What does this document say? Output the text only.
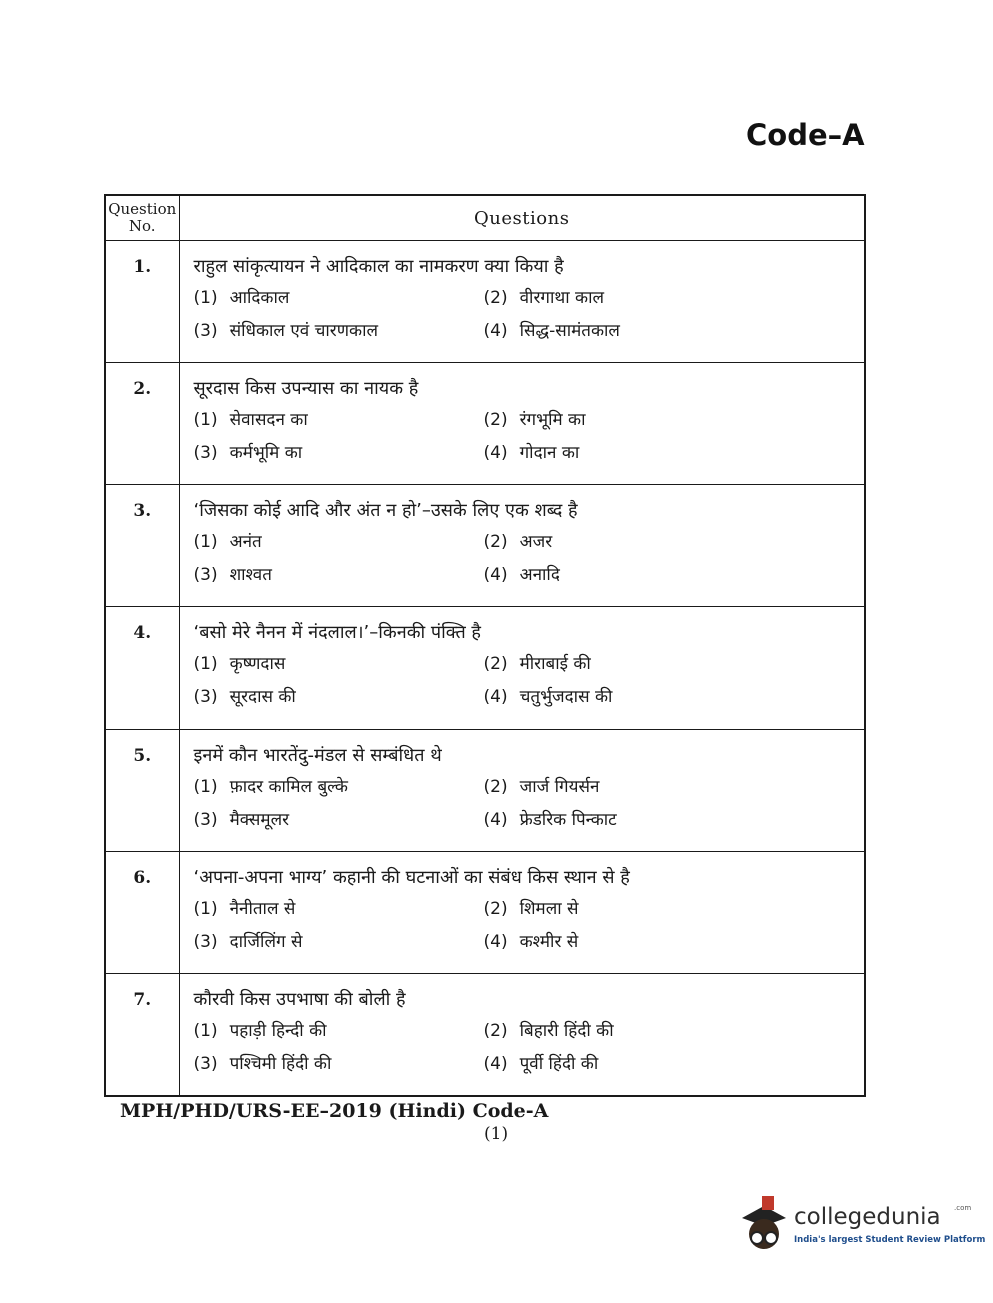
Code–A
Question
No.	Questions
1.	राहुल सांकृत्यायन ने आदिकाल का नामकरण क्या किया है
(1) आदिकाल (2) वीरगाथा काल
(3) संधिकाल एवं चारणकाल (4) सिद्ध-सामंतकाल

2.	सूरदास किस उपन्यास का नायक है
(1) सेवासदन का (2) रंगभूमि का
(3) कर्मभूमि का (4) गोदान का

3.	‘जिसका कोई आदि और अंत न हो’–उसके लिए एक शब्द है
(1) अनंत (2) अजर
(3) शाश्वत (4) अनादि

4.	‘बसो मेरे नैनन में नंदलाल।’–किनकी पंक्ति है
(1) कृष्णदास (2) मीराबाई की
(3) सूरदास की (4) चतुर्भुजदास की

5.	इनमें कौन भारतेंदु-मंडल से सम्बंधित थे
(1) फ़ादर कामिल बुल्के (2) जार्ज गियर्सन
(3) मैक्समूलर (4) फ्रेडरिक पिन्काट

6.	‘अपना-अपना भाग्य’ कहानी की घटनाओं का संबंध किस स्थान से है
(1) नैनीताल से (2) शिमला से
(3) दार्जिलिंग से (4) कश्मीर से

7.	कौरवी किस उपभाषा की बोली है
(1) पहाड़ी हिन्दी की (2) बिहारी हिंदी की
(3) पश्चिमी हिंदी की (4) पूर्वी हिंदी की
MPH/PHD/URS-EE–2019 (Hindi) Code-A
(1)
collegedunia .com
India's largest Student Review Platform
